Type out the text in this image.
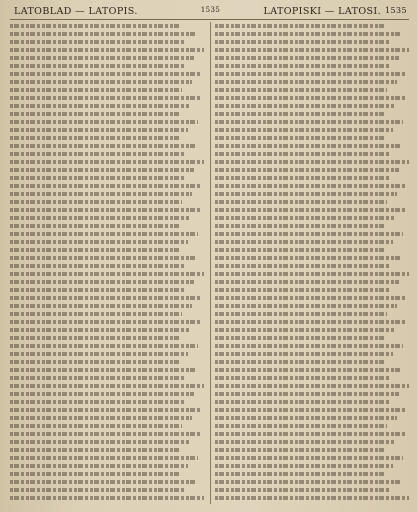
LATOBLAD — LATOPIS.	1535	LATOPISKI — LATOSI. 1535
